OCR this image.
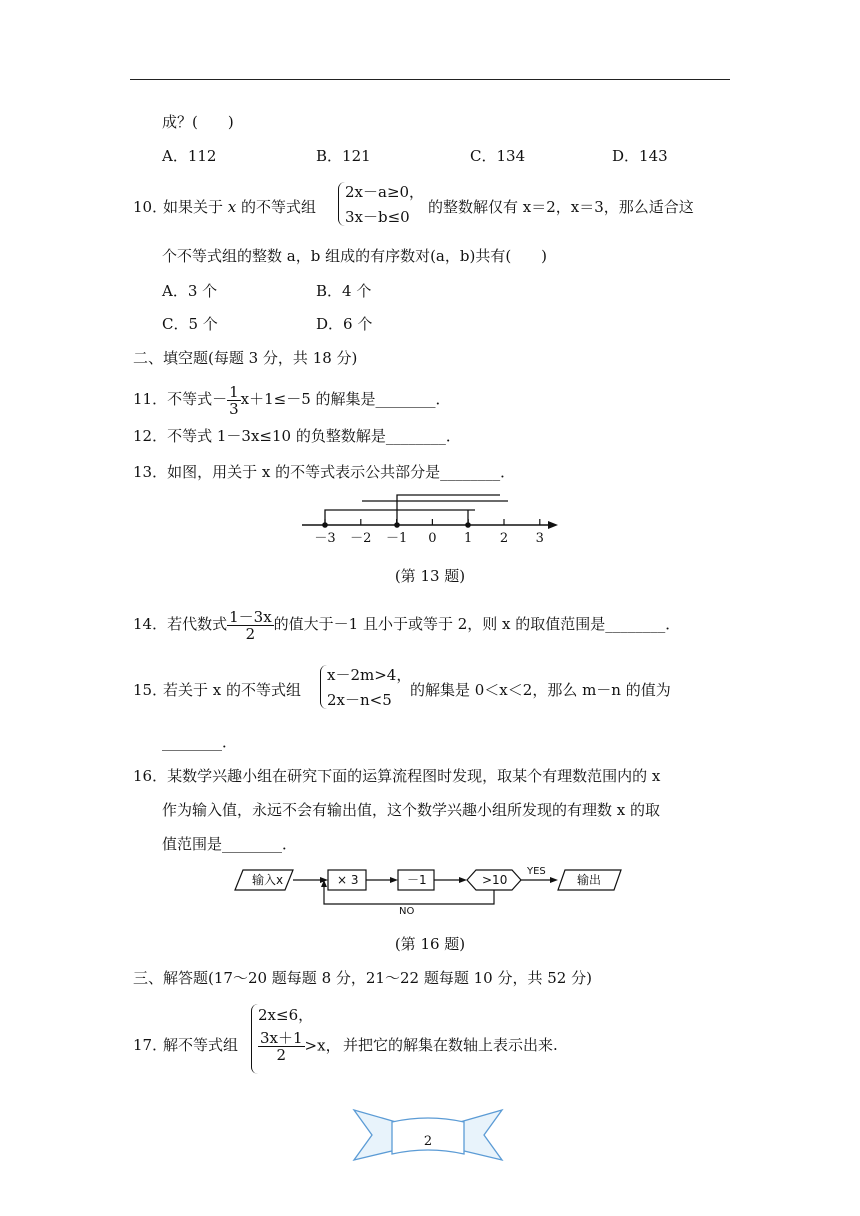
成？(　　)
A．112	B．121	C．134	D．143
10．
如果关于 x 的不等式组
2x－a≥0，
3x－b≤0
的整数解仅有 x＝2，x＝3，那么适合这
个不等式组的整数 a，b 组成的有序数对(a，b)共有(　　)
A．3 个	B．4 个
C．5 个	D．6 个
二、填空题(每题 3 分，共 18 分)
11．不等式－ $\frac{1}{3} x+1\le-5$ 的解集是________．
12．不等式 1－3x≤10 的负整数解是________．
13．如图，用关于 x 的不等式表示公共部分是________．
－3	－2	－1	0	1	2	3
(第 13 题)
14．若代数式 $\frac{1-3x}{2}$ 的值大于－1 且小于或等于 2，则 x 的取值范围是________．
15．
若关于 x 的不等式组
x－2m>4，
2x－n<5
的解集是 0＜x＜2，那么 m－n 的值为
________．
16．某数学兴趣小组在研究下面的运算流程图时发现，取某个有理数范围内的 x
作为输入值，永远不会有输出值，这个数学兴趣小组所发现的有理数 x 的取
值范围是________．
输入x	× 3	－1	>10
YES
输出
NO
(第 16 题)
三、解答题(17～20 题每题 8 分，21～22 题每题 10 分，共 52 分)
17．
解不等式组
2x≤6，
$\frac{3x+1}{2} >x$， 并把它的解集在数轴上表示出来.
2
